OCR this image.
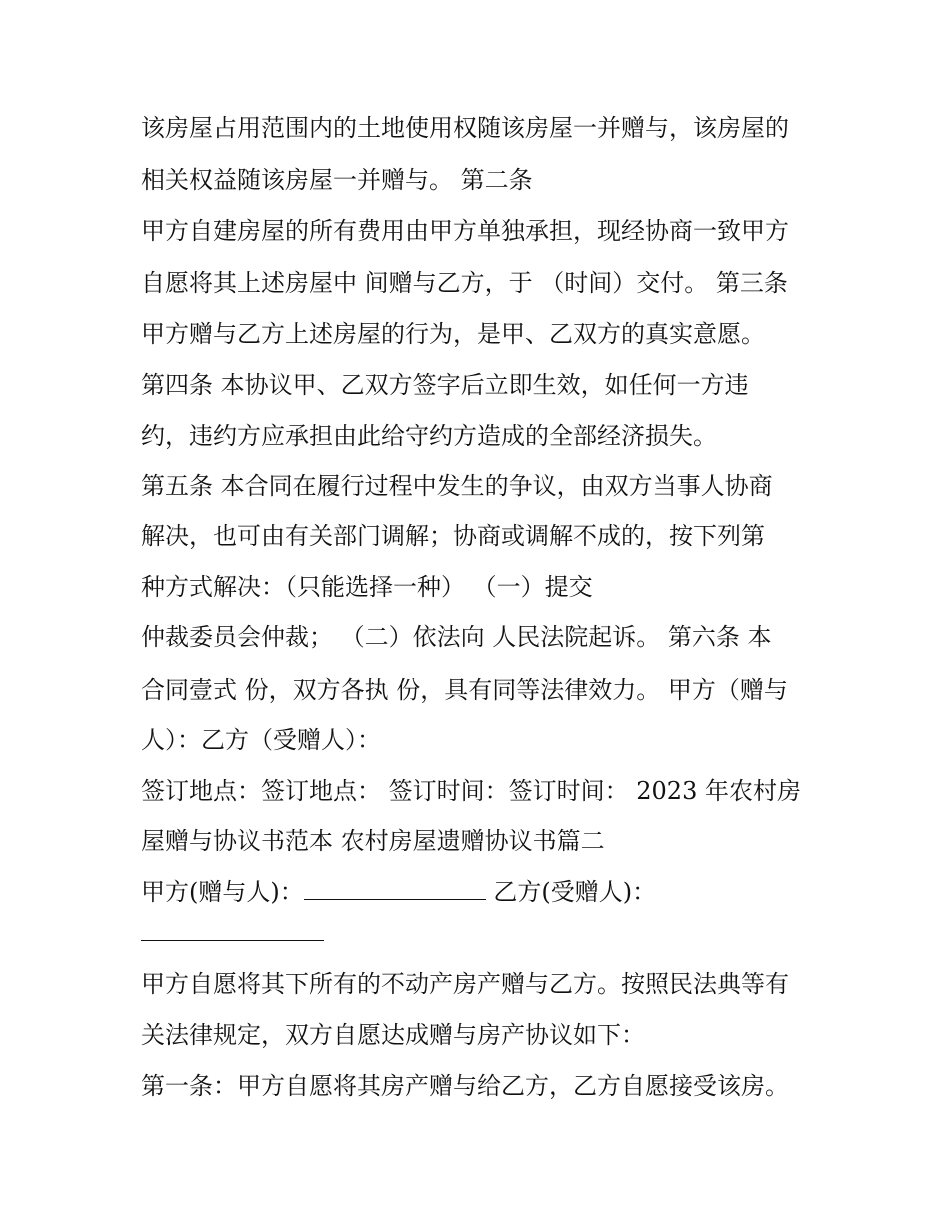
该房屋占用范围内的土地使用权随该房屋一并赠与，该房屋的
相关权益随该房屋一并赠与。 第二条
甲方自建房屋的所有费用由甲方单独承担，现经协商一致甲方
自愿将其上述房屋中 间赠与乙方，于 （时间）交付。 第三条
甲方赠与乙方上述房屋的行为，是甲、乙双方的真实意愿。
第四条 本协议甲、乙双方签字后立即生效，如任何一方违
约，违约方应承担由此给守约方造成的全部经济损失。
第五条 本合同在履行过程中发生的争议，由双方当事人协商
解决，也可由有关部门调解；协商或调解不成的，按下列第
种方式解决：（只能选择一种） （一）提交
仲裁委员会仲裁； （二）依法向 人民法院起诉。 第六条 本
合同壹式 份，双方各执 份，具有同等法律效力。 甲方（赠与
人）：乙方（受赠人）：
签订地点：签订地点： 签订时间：签订时间： 2023 年农村房
屋赠与协议书范本 农村房屋遗赠协议书篇二
甲方(赠与人)：	乙方(受赠人)：
甲方自愿将其下所有的不动产房产赠与乙方。按照民法典等有
关法律规定，双方自愿达成赠与房产协议如下：
第一条：甲方自愿将其房产赠与给乙方，乙方自愿接受该房。
